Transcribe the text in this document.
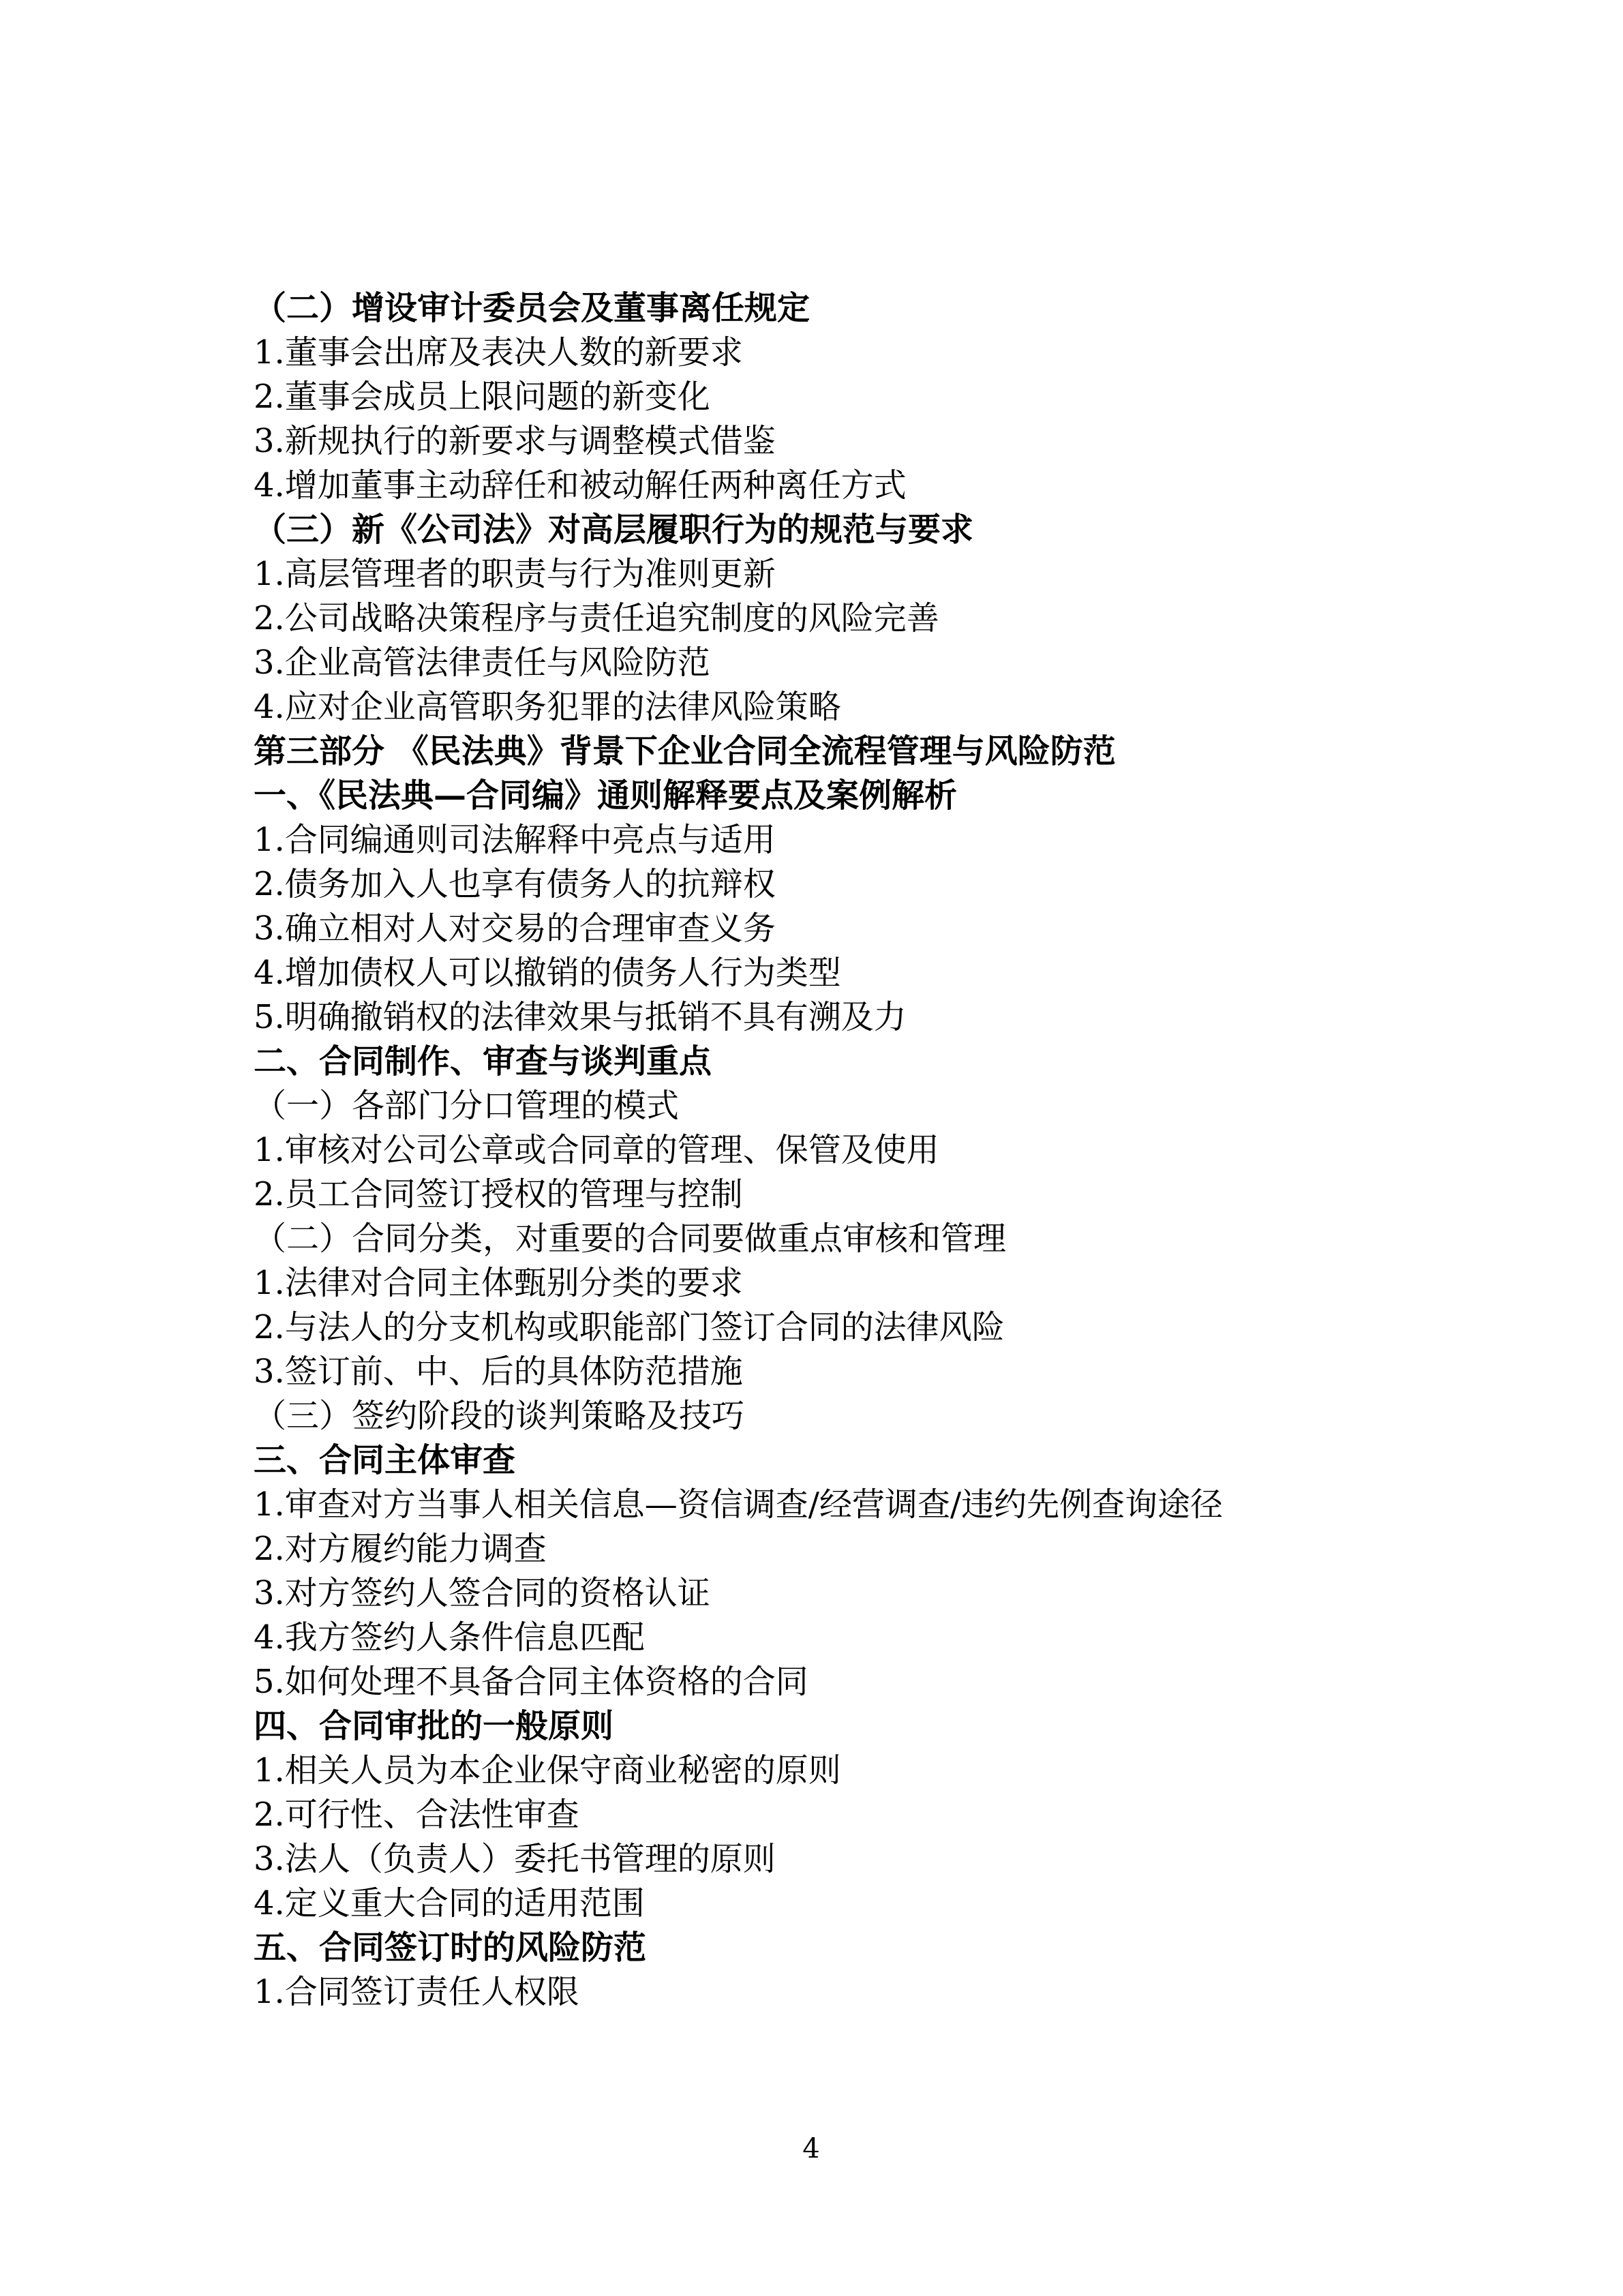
（二）增设审计委员会及董事离任规定
1.董事会出席及表决人数的新要求
2.董事会成员上限问题的新变化
3.新规执行的新要求与调整模式借鉴
4.增加董事主动辞任和被动解任两种离任方式
（三）新《公司法》对高层履职行为的规范与要求
1.高层管理者的职责与行为准则更新
2.公司战略决策程序与责任追究制度的风险完善
3.企业高管法律责任与风险防范
4.应对企业高管职务犯罪的法律风险策略
第三部分 《民法典》背景下企业合同全流程管理与风险防范
一、《民法典—合同编》通则解释要点及案例解析
1.合同编通则司法解释中亮点与适用
2.债务加入人也享有债务人的抗辩权
3.确立相对人对交易的合理审查义务
4.增加债权人可以撤销的债务人行为类型
5.明确撤销权的法律效果与抵销不具有溯及力
二、合同制作、审查与谈判重点
（一）各部门分口管理的模式
1.审核对公司公章或合同章的管理、保管及使用
2.员工合同签订授权的管理与控制
（二）合同分类，对重要的合同要做重点审核和管理
1.法律对合同主体甄别分类的要求
2.与法人的分支机构或职能部门签订合同的法律风险
3.签订前、中、后的具体防范措施
（三）签约阶段的谈判策略及技巧
三、合同主体审查
1.审查对方当事人相关信息—资信调查/经营调查/违约先例查询途径
2.对方履约能力调查
3.对方签约人签合同的资格认证
4.我方签约人条件信息匹配
5.如何处理不具备合同主体资格的合同
四、合同审批的一般原则
1.相关人员为本企业保守商业秘密的原则
2.可行性、合法性审查
3.法人（负责人）委托书管理的原则
4.定义重大合同的适用范围
五、合同签订时的风险防范
1.合同签订责任人权限
4
